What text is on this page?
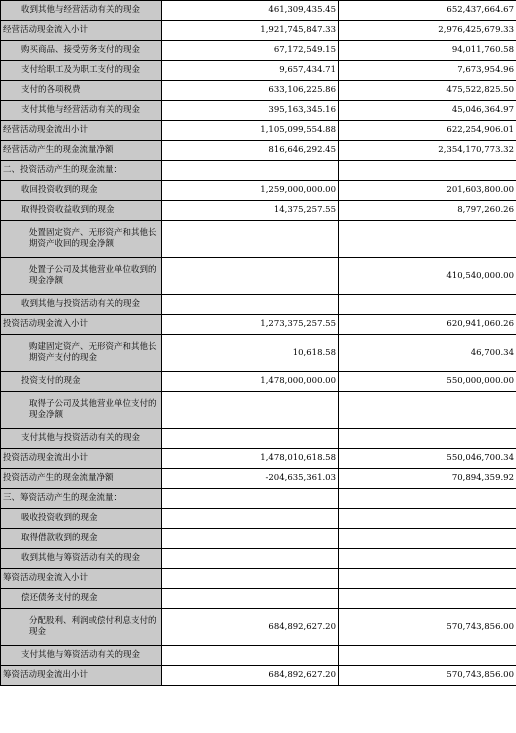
收到其他与经营活动有关的现金	461,309,435.45	652,437,664.67
经营活动现金流入小计	1,921,745,847.33	2,976,425,679.33
购买商品、接受劳务支付的现金	67,172,549.15	94,011,760.58
支付给职工及为职工支付的现金	9,657,434.71	7,673,954.96
支付的各项税费	633,106,225.86	475,522,825.50
支付其他与经营活动有关的现金	395,163,345.16	45,046,364.97
经营活动现金流出小计	1,105,099,554.88	622,254,906.01
经营活动产生的现金流量净额	816,646,292.45	2,354,170,773.32
二、投资活动产生的现金流量：		
收回投资收到的现金	1,259,000,000.00	201,603,800.00
取得投资收益收到的现金	14,375,257.55	8,797,260.26
处置固定资产、无形资产和其他长期资产收回的现金净额		
处置子公司及其他营业单位收到的现金净额		410,540,000.00
收到其他与投资活动有关的现金		
投资活动现金流入小计	1,273,375,257.55	620,941,060.26
购建固定资产、无形资产和其他长期资产支付的现金	10,618.58	46,700.34
投资支付的现金	1,478,000,000.00	550,000,000.00
取得子公司及其他营业单位支付的现金净额		
支付其他与投资活动有关的现金		
投资活动现金流出小计	1,478,010,618.58	550,046,700.34
投资活动产生的现金流量净额	-204,635,361.03	70,894,359.92
三、筹资活动产生的现金流量：		
吸收投资收到的现金		
取得借款收到的现金		
收到其他与筹资活动有关的现金		
筹资活动现金流入小计		
偿还债务支付的现金		
分配股利、利润或偿付利息支付的现金	684,892,627.20	570,743,856.00
支付其他与筹资活动有关的现金		
筹资活动现金流出小计	684,892,627.20	570,743,856.00
